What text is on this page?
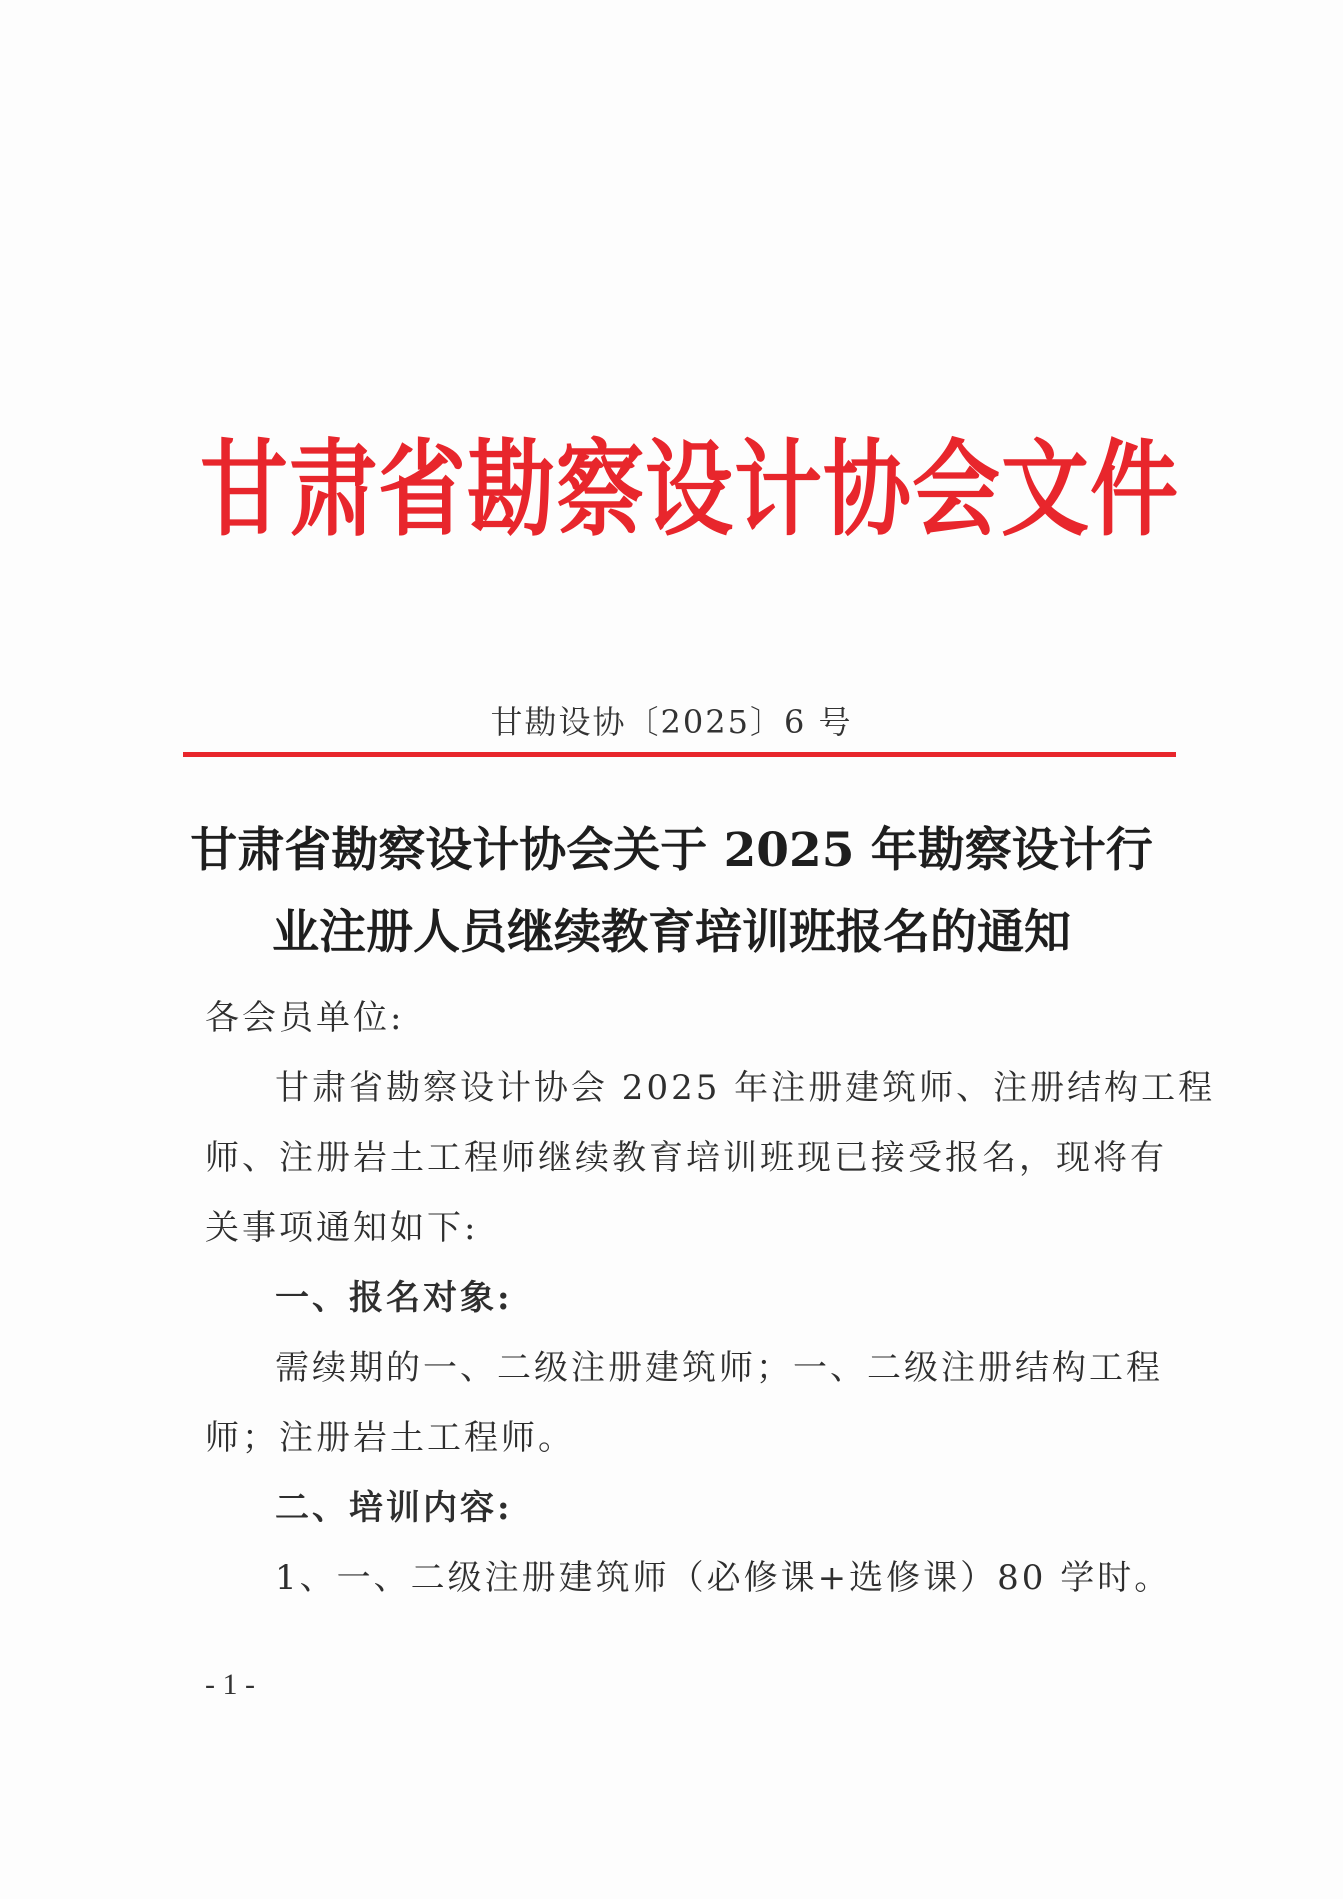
甘肃省勘察设计协会文件
甘勘设协〔2025〕6 号
甘肃省勘察设计协会关于 2025 年勘察设计行
业注册人员继续教育培训班报名的通知
各会员单位:
甘肃省勘察设计协会 2025 年注册建筑师、注册结构工程
师、注册岩土工程师继续教育培训班现已接受报名，现将有
关事项通知如下:
一、报名对象:
需续期的一、二级注册建筑师；一、二级注册结构工程
师；注册岩土工程师。
二、培训内容:
1、一、二级注册建筑师（必修课+选修课）80 学时。
- 1 -
